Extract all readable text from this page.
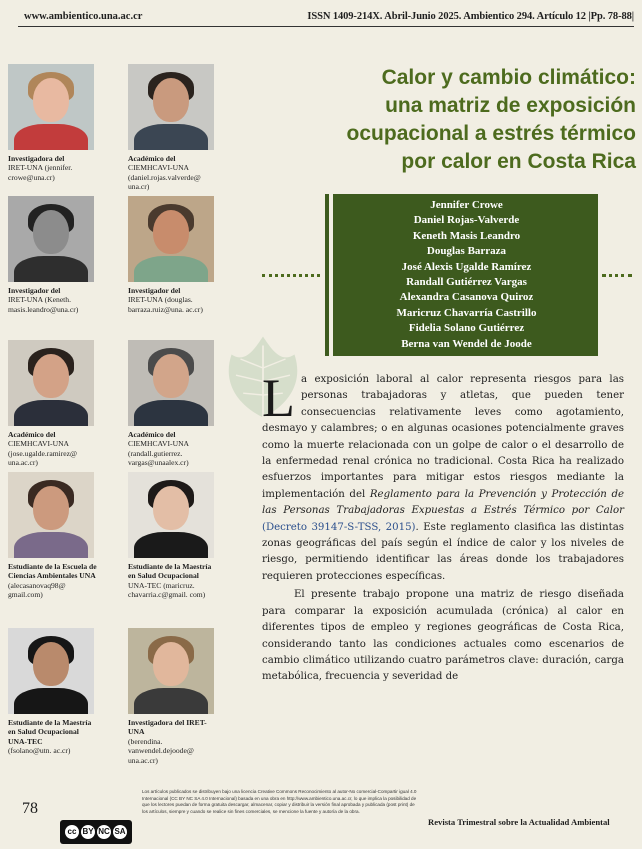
www.ambientico.una.ac.cr	ISSN 1409-214X. Abril-Junio 2025. Ambientico 294. Artículo 12 |Pp. 78-88|
Investigadora del
IRET-UNA (jennifer. crowe@una.cr)
Académico del
CIEMHCAVI-UNA (daniel.rojas.valverde@ una.cr)
Investigador del
IRET-UNA (Keneth. masis.leandro@una.cr)
Investigador del
IRET-UNA (douglas. barraza.ruiz@una. ac.cr)
Académico del
CIEMHCAVI-UNA (jose.ugalde.ramirez@ una.ac.cr)
Académico del
CIEMHCAVI-UNA (randall.gutierrez. vargas@unaalex.cr)
Estudiante de la Escuela de Ciencias Ambientales UNA
(alecasanovaq98@ gmail.com)
Estudiante de la Maestría en Salud Ocupacional
UNA-TEC (maricruz. chavarria.c@gmail. com)
Estudiante de la Maestría en Salud Ocupacional UNA-TEC
(fsolano@utn. ac.cr)
Investigadora del IRET-UNA
(berendina. vanwendel.dejoode@ una.ac.cr)
Calor y cambio climático:
una matriz de exposición
ocupacional a estrés térmico
por calor en Costa Rica
Jennifer Crowe
Daniel Rojas-Valverde
Keneth Masis Leandro
Douglas Barraza
José Alexis Ugalde Ramírez
Randall Gutiérrez Vargas
Alexandra Casanova Quiroz
Maricruz Chavarría Castrillo
Fidelia Solano Gutiérrez
Berna van Wendel de Joode

La exposición laboral al calor representa riesgos para las personas trabajadoras y atletas, que pueden tener consecuencias relativamente leves como agotamiento, desmayo y calambres; o en algunas ocasiones potencialmente graves como la muerte relacionada con un golpe de calor o el desarrollo de la enfermedad renal crónica no tradicional. Costa Rica ha realizado esfuerzos importantes para mitigar estos riesgos mediante la implementación del Reglamento para la Prevención y Protección de las Personas Trabajadoras Expuestas a Estrés Térmico por Calor (Decreto 39147-S-TSS, 2015). Este reglamento clasifica las distintas zonas geográficas del país según el índice de calor y los niveles de riesgo, permitiendo identificar las áreas donde los trabajadores requieren protecciones específicas.

El presente trabajo propone una matriz de riesgo diseñada para comparar la exposición acumulada (crónica) al calor en diferentes tipos de empleo y regiones geográficas de Costa Rica, considerando tanto las condiciones actuales como escenarios de cambio climático utilizando cuatro parámetros clave: duración, carga metabólica, frecuencia y severidad de

78
Los artículos publicados se distribuyen bajo una licencia Creative Commons Reconocimiento al autor-No comercial-Compartir igual 4.0 Internacional (CC BY NC SA 4.0 Internacional) basada en una obra en http://www.ambientico.una.ac.cr, lo que implica la posibilidad de que los lectores puedan de forma gratuita descargar, almacenar, copiar y distribuir la versión final aprobada y publicada (post print) de los artículos, siempre y cuando se realice sin fines comerciales, se mencione la fuente y autoría de la obra.
cc BY NC SA
Revista Trimestral sobre la Actualidad Ambiental
